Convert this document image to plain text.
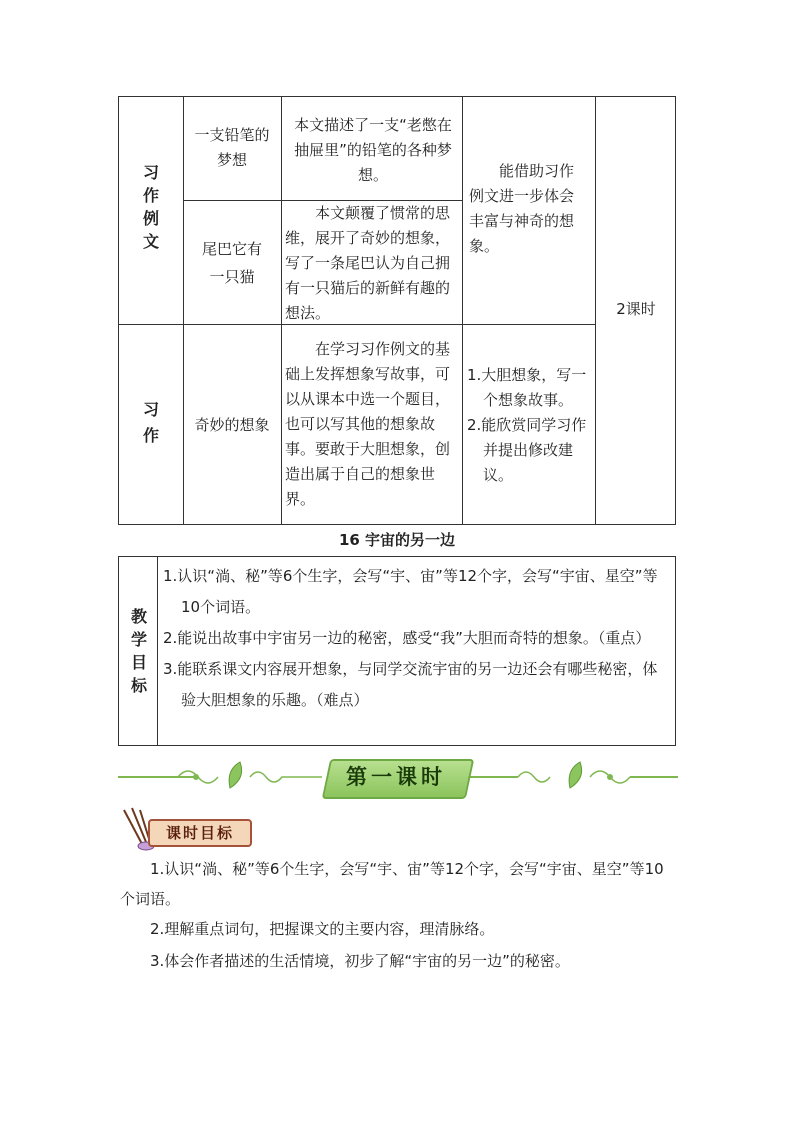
习作例文
习作
一支铅笔的梦想
本文描述了一支“老憋在抽屉里”的铅笔的各种梦想。
尾巴它有一只猫
本文颠覆了惯常的思维，展开了奇妙的想象，写了一条尾巴认为自己拥有一只猫后的新鲜有趣的想法。
奇妙的想象
在学习习作例文的基础上发挥想象写故事，可以从课本中选一个题目，也可以写其他的想象故事。要敢于大胆想象，创造出属于自己的想象世界。
能借助习作例文进一步体会丰富与神奇的想象。
1.大胆想象，写一个想象故事。
2.能欣赏同学习作并提出修改建议。
2课时
16 宇宙的另一边
教学目标
1.认识“淌、秘”等6个生字，会写“宇、宙”等12个字，会写“宇宙、星空”等10个词语。
2.能说出故事中宇宙另一边的秘密，感受“我”大胆而奇特的想象。（重点）
3.能联系课文内容展开想象，与同学交流宇宙的另一边还会有哪些秘密，体验大胆想象的乐趣。（难点）
第一课时
课时目标
1.认识“淌、秘”等6个生字，会写“宇、宙”等12个字，会写“宇宙、星空”等10个词语。
2.理解重点词句，把握课文的主要内容，理清脉络。
3.体会作者描述的生活情境，初步了解“宇宙的另一边”的秘密。
